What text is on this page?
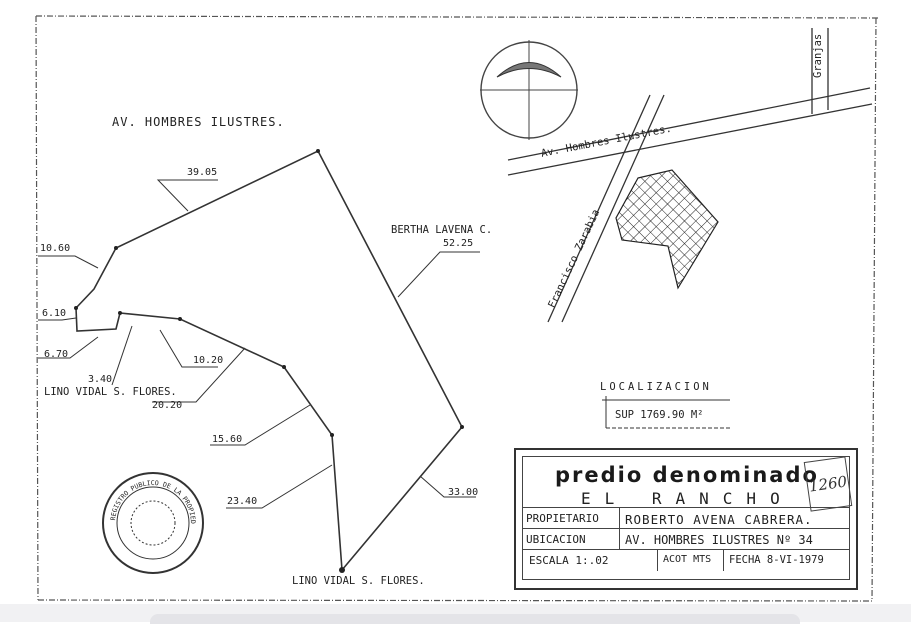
REGISTRO PUBLICO DE LA PROPIED
AV. HOMBRES ILUSTRES.
39.05
10.60
6.10
6.70
3.40
10.20
20.20
15.60
23.40
33.00
BERTHA LAVENA C.
52.25
LINO VIDAL S. FLORES.
LINO VIDAL S. FLORES.
Av. Hombres Ilustres.
Francisco Zarabia
Granjas
LOCALIZACION
SUP 1769.90 M²
predio denominado
EL RANCHO
1260
PROPIETARIO ROBERTO AVENA CABRERA.
UBICACION	AV. HOMBRES ILUSTRES Nº 34
ESCALA 1:.02	ACOT MTS FECHA 8-VI-1979
